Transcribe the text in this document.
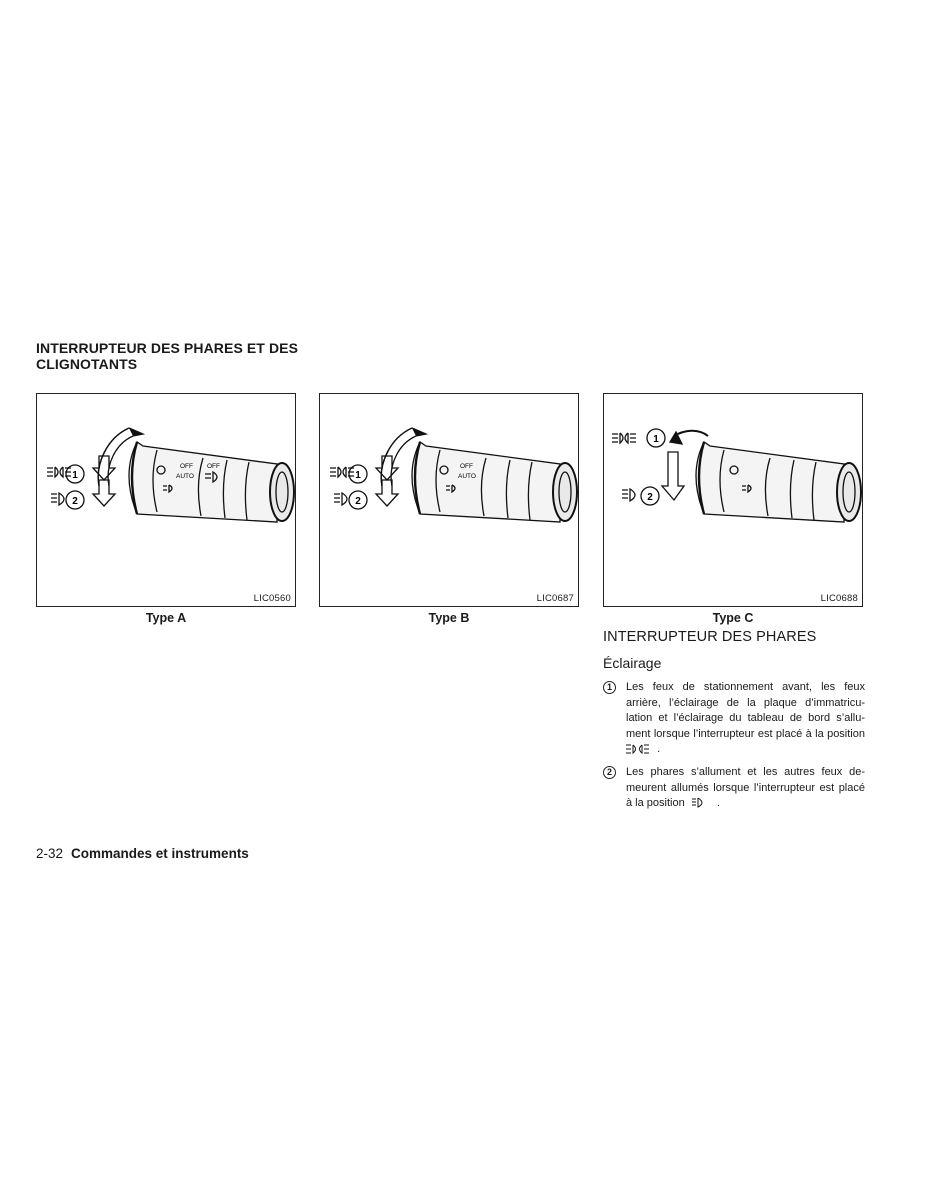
INTERRUPTEUR DES PHARES ET DES CLIGNOTANTS
1
2
OFF
AUTO
OFF
LIC0560
Type A
1
2
OFF
AUTO
LIC0687
Type B
1
2
LIC0688
Type C
INTERRUPTEUR DES PHARES
Éclairage
1	Les feux de stationnement avant, les feux arrière, l’éclairage de la plaque d’immatricu-lation et l’éclairage du tableau de bord s’allu-ment lorsque l’interrupteur est placé à la position  .
2	Les phares s’allument et les autres feux de-meurent allumés lorsque l’interrupteur est placé à la position	.
2-32 Commandes et instruments
